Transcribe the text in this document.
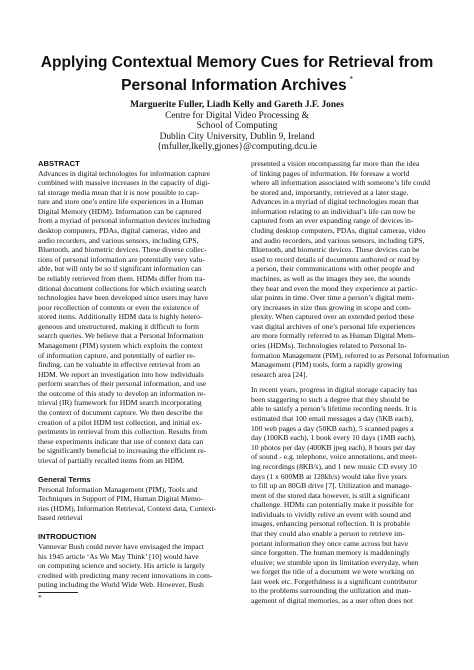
Applying Contextual Memory Cues for Retrieval from
Personal Information Archives *
Marguerite Fuller, Liadh Kelly and Gareth J.F. Jones
Centre for Digital Video Processing &
School of Computing
Dublin City University, Dublin 9, Ireland
{mfuller,lkelly,gjones}@computing.dcu.ie
ABSTRACT
Advances in digital technologies for information capture
combined with massive increases in the capacity of digi-
tal storage media mean that it is now possible to cap-
ture and store one’s entire life experiences in a Human
Digital Memory (HDM). Information can be captured
from a myriad of personal information devices including
desktop computers, PDAs, digital cameras, video and
audio recorders, and various sensors, including GPS,
Bluetooth, and biometric devices. These diverse collec-
tions of personal information are potentially very valu-
able, but will only be so if significant information can
be reliably retrieved from them. HDMs differ from tra-
ditional document collections for which existing search
technologies have been developed since users may have
poor recollection of contents or even the existence of
stored items. Additionally HDM data is highly hetero-
geneous and unstructured, making it difficult to form
search queries. We believe that a Personal Information
Management (PIM) system which exploits the context
of information capture, and potentially of earlier re-
finding, can be valuable in effective retrieval from an
HDM. We report an investigation into how individuals
perform searches of their personal information, and use
the outcome of this study to develop an information re-
trieval (IR) framework for HDM search incorporating
the context of document capture. We then describe the
creation of a pilot HDM test collection, and initial ex-
periments in retrieval from this collection. Results from
these experiments indicate that use of context data can
be significantly beneficial to increasing the efficient re-
trieval of partially recalled items from an HDM.
General Terms
Personal Information Management (PIM), Tools and
Techniques in Support of PIM, Human Digital Memo-
ries (HDM), Information Retrieval, Context data, Context-
based retrieval
INTRODUCTION
Vannevar Bush could never have envisaged the impact
his 1945 article ‘As We May Think’ [10] would have
on computing science and society. His article is largely
credited with predicting many recent innovations in com-
puting including the World Wide Web. However, Bush
*
presented a vision encompassing far more than the idea
of linking pages of information. He foresaw a world
where all information associated with someone’s life could
be stored and, importantly, retrieved at a later stage.
Advances in a myriad of digital technologies mean that
information relating to an individual’s life can now be
captured from an ever expanding range of devices in-
cluding desktop computers, PDAs, digital cameras, video
and audio recorders, and various sensors, including GPS,
Bluetooth, and biometric devices. These devices can be
used to record details of documents authored or read by
a person, their communications with other people and
machines, as well as the images they see, the sounds
they hear and even the mood they experience at partic-
ular points in time. Over time a person’s digital mem-
ory increases in size thus growing in scope and com-
plexity. When captured over an extended period these
vast digital archives of one’s personal life experiences
are more formally referred to as Human Digital Mem-
ories (HDMs). Technologies related to Personal In-
formation Management (PIM), referred to as Personal Information
Management (PIM) tools, form a rapidly growing
research area [24].
In recent years, progress in digital storage capacity has
been staggering to such a degree that they should be
able to satisfy a person’s lifetime recording needs. It is
estimated that 100 email messages a day (5KB each),
100 web pages a day (50KB each), 5 scanned pages a
day (100KB each), 1 book every 10 days (1MB each),
10 photos per day (400KB jpeg each), 8 hours per day
of sound - e.g. telephone, voice annotations, and meet-
ing recordings (8KB/s), and 1 new music CD every 10
days (1 x 600MB at 128kb/s) would take five years
to fill up an 80GB drive [7]. Utilization and manage-
ment of the stored data however, is still a significant
challenge. HDMs can potentially make it possible for
individuals to vividly relive an event with sound and
images, enhancing personal reflection. It is probable
that they could also enable a person to retrieve im-
portant information they once came across but have
since forgotten. The human memory is maddeningly
elusive; we stumble upon its limitation everyday, when
we forget the title of a document we were working on
last week etc. Forgetfulness is a significant contributor
to the problems surrounding the utilization and man-
agement of digital memories, as a user often does not
